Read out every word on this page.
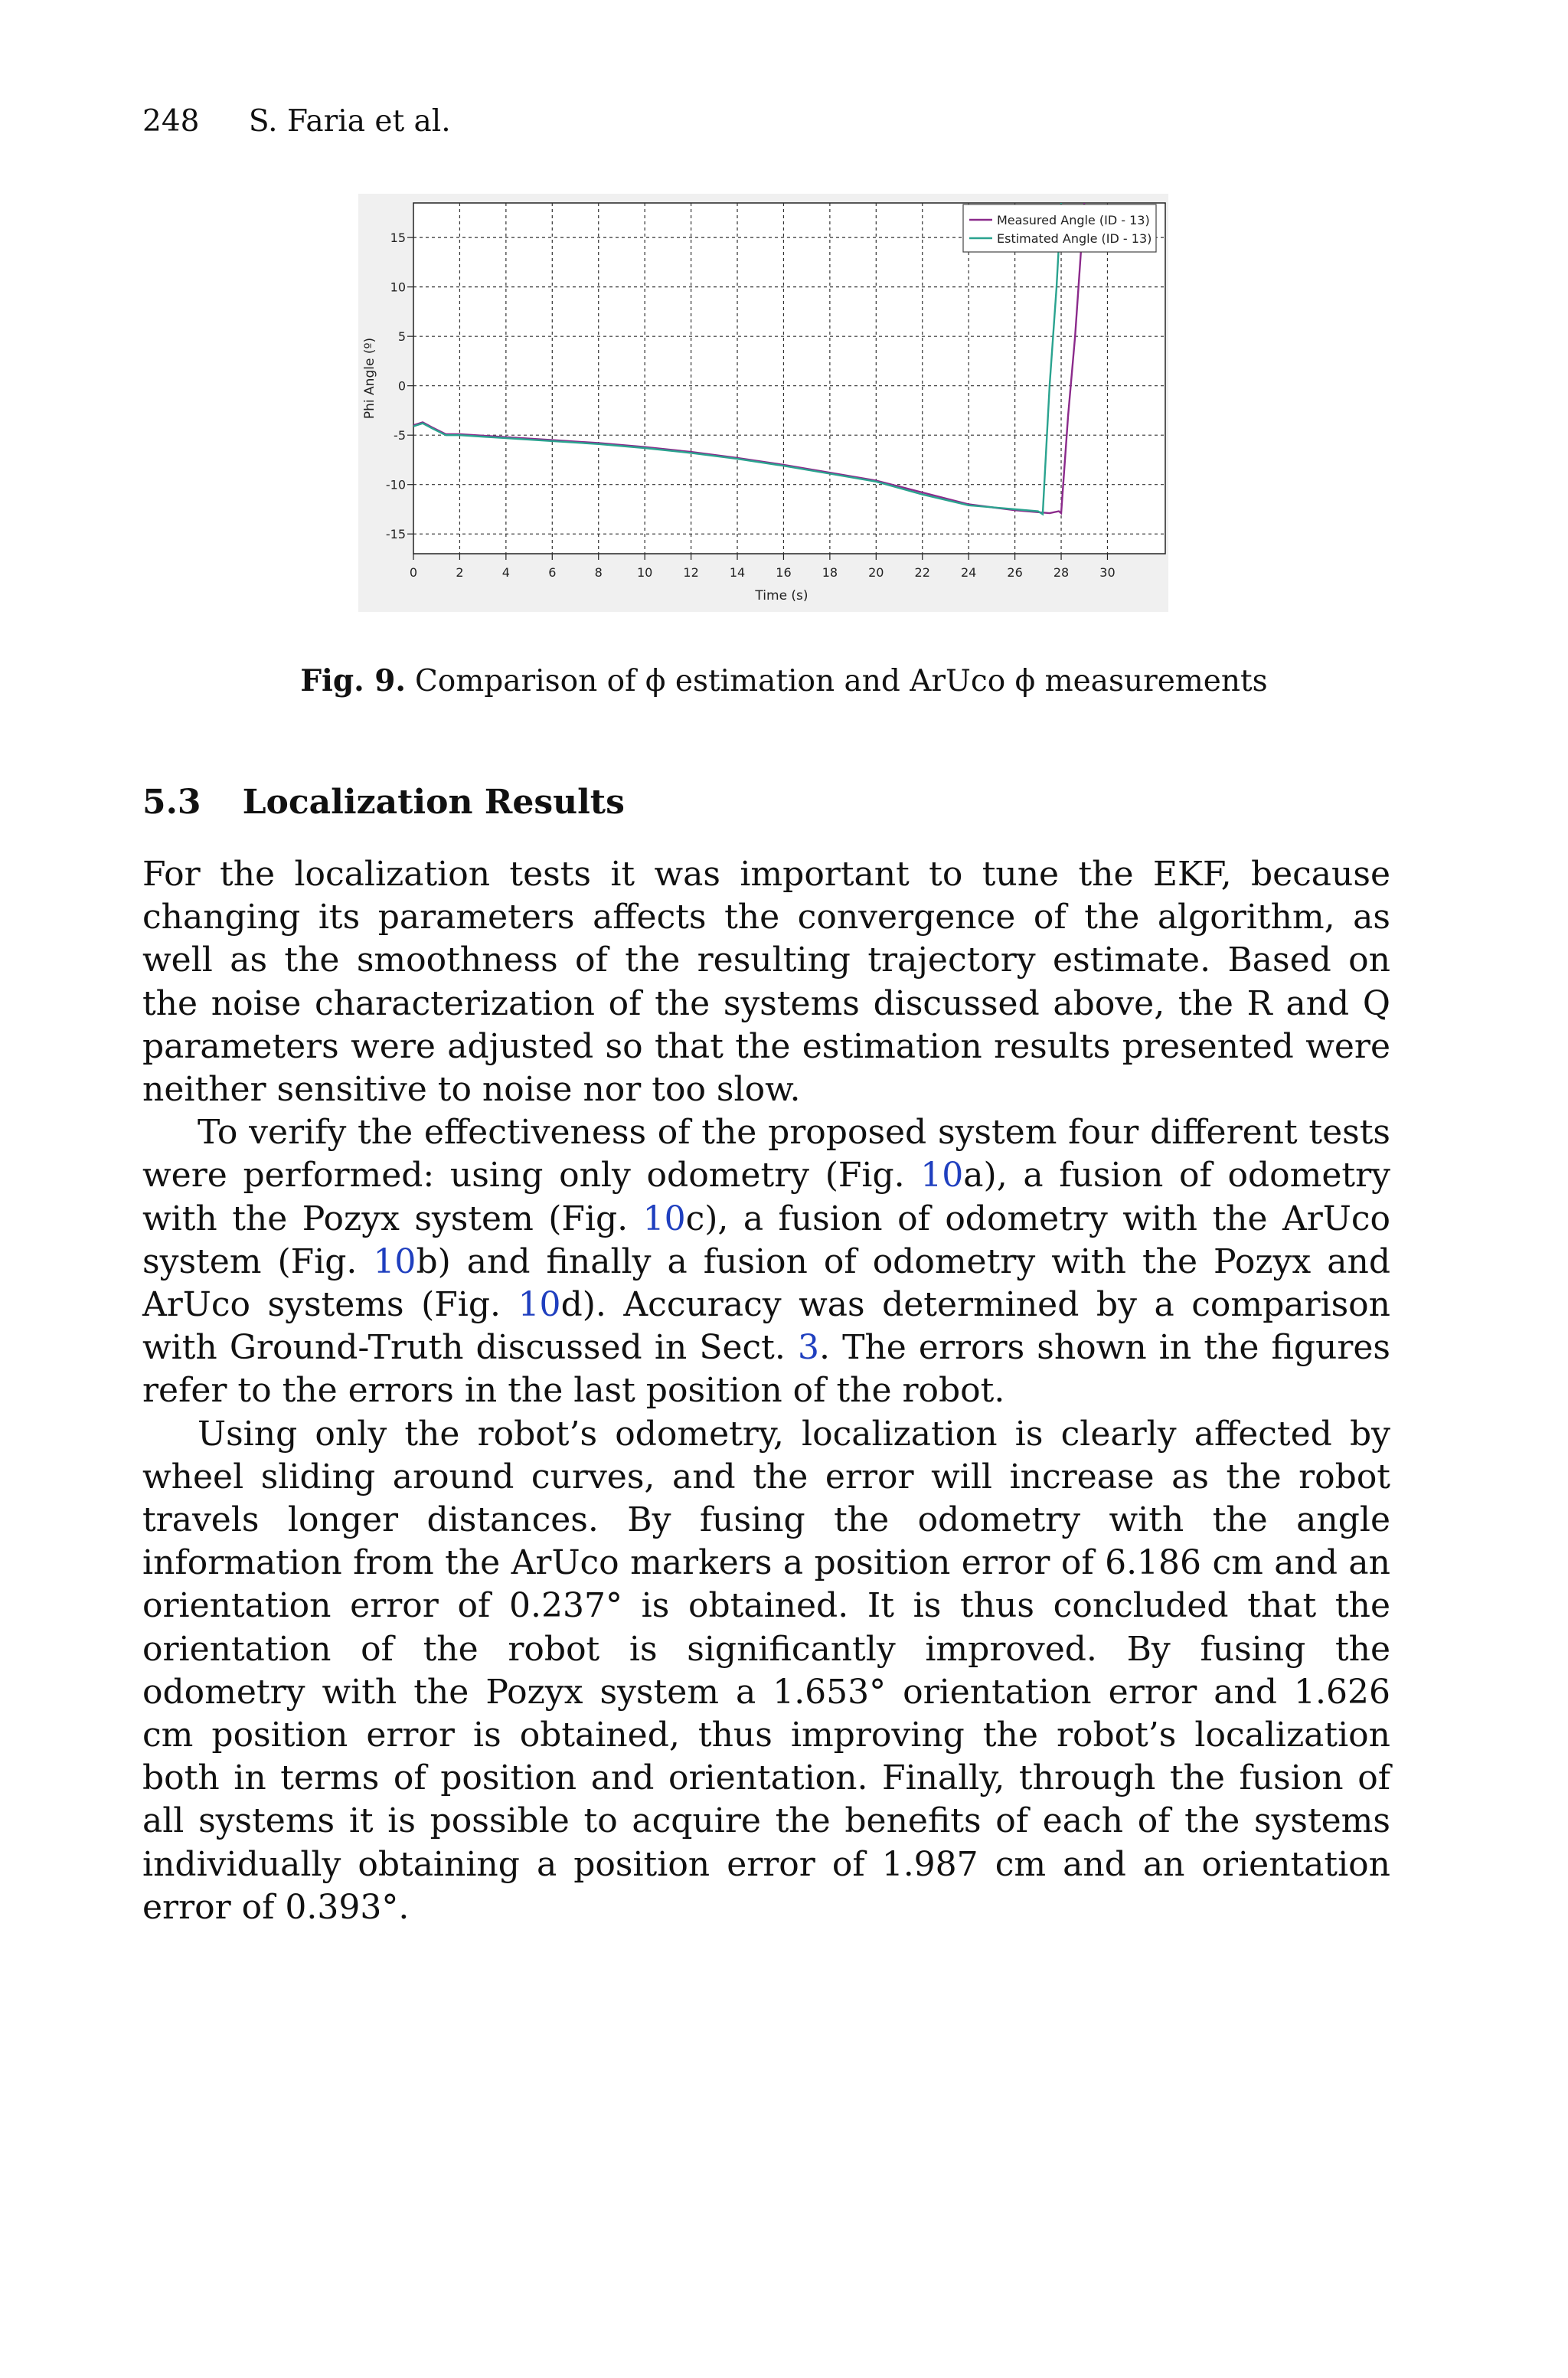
248 S. Faria et al.
0	2	4	6	8	10	12	14	16	18	20	22	24	26	28	30
-15
-10
-5
0
5
10
15
Time (s)
Phi Angle (º)
Measured Angle (ID - 13)
Estimated Angle (ID - 13)
Fig. 9. Comparison of ϕ estimation and ArUco ϕ measurements
5.3 Localization Results

For the localization tests it was important to tune the EKF, because changing its parameters affects the convergence of the algorithm, as well as the smoothness of the resulting trajectory estimate. Based on the noise characterization of the systems discussed above, the R and Q parameters were adjusted so that the estimation results presented were neither sensitive to noise nor too slow.

To verify the effectiveness of the proposed system four different tests were performed: using only odometry (Fig. 10a), a fusion of odometry with the Pozyx system (Fig. 10c), a fusion of odometry with the ArUco system (Fig. 10b) and finally a fusion of odometry with the Pozyx and ArUco systems (Fig. 10d). Accuracy was determined by a comparison with Ground-Truth discussed in Sect. 3. The errors shown in the figures refer to the errors in the last position of the robot.

Using only the robot’s odometry, localization is clearly affected by wheel sliding around curves, and the error will increase as the robot travels longer distances. By fusing the odometry with the angle information from the ArUco markers a position error of 6.186 cm and an orientation error of 0.237° is obtained. It is thus concluded that the orientation of the robot is significantly improved. By fusing the odometry with the Pozyx system a 1.653° orientation error and 1.626 cm position error is obtained, thus improving the robot’s localization both in terms of position and orientation. Finally, through the fusion of all systems it is possible to acquire the benefits of each of the systems individually obtaining a position error of 1.987 cm and an orientation error of 0.393°.
